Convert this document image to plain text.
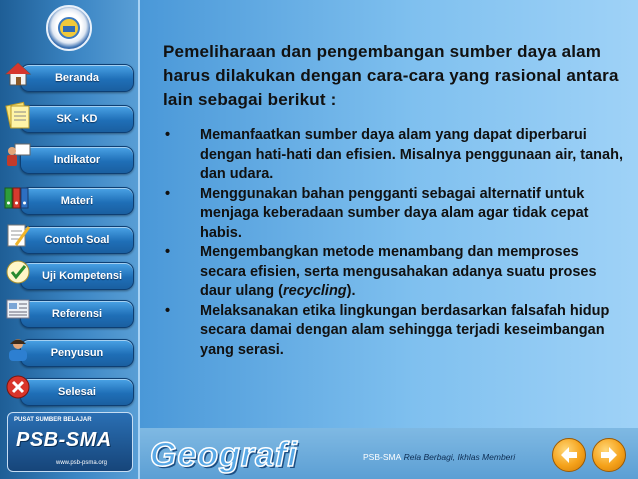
Beranda
SK - KD
Indikator
Materi
Contoh Soal
Uji Kompetensi
Referensi
Penyusun
Selesai
PUSAT SUMBER BELAJAR
PSB-SMA
www.psb-psma.org

Pemeliharaan dan pengembangan sumber daya alam harus dilakukan dengan cara-cara yang rasional antara lain sebagai berikut :

• Memanfaatkan sumber daya alam yang dapat diperbarui dengan hati-hati dan efisien. Misalnya penggunaan air, tanah, dan udara.
• Menggunakan bahan pengganti sebagai alternatif untuk menjaga keberadaan sumber daya alam agar tidak cepat habis.
• Mengembangkan metode menambang dan memproses secara efisien, serta mengusahakan adanya suatu proses daur ulang (recycling).
• Melaksanakan etika lingkungan berdasarkan falsafah hidup secara damai dengan alam sehingga terjadi keseimbangan yang serasi.
Geografi	PSB-SMA Rela Berbagi, Ikhlas Memberi
